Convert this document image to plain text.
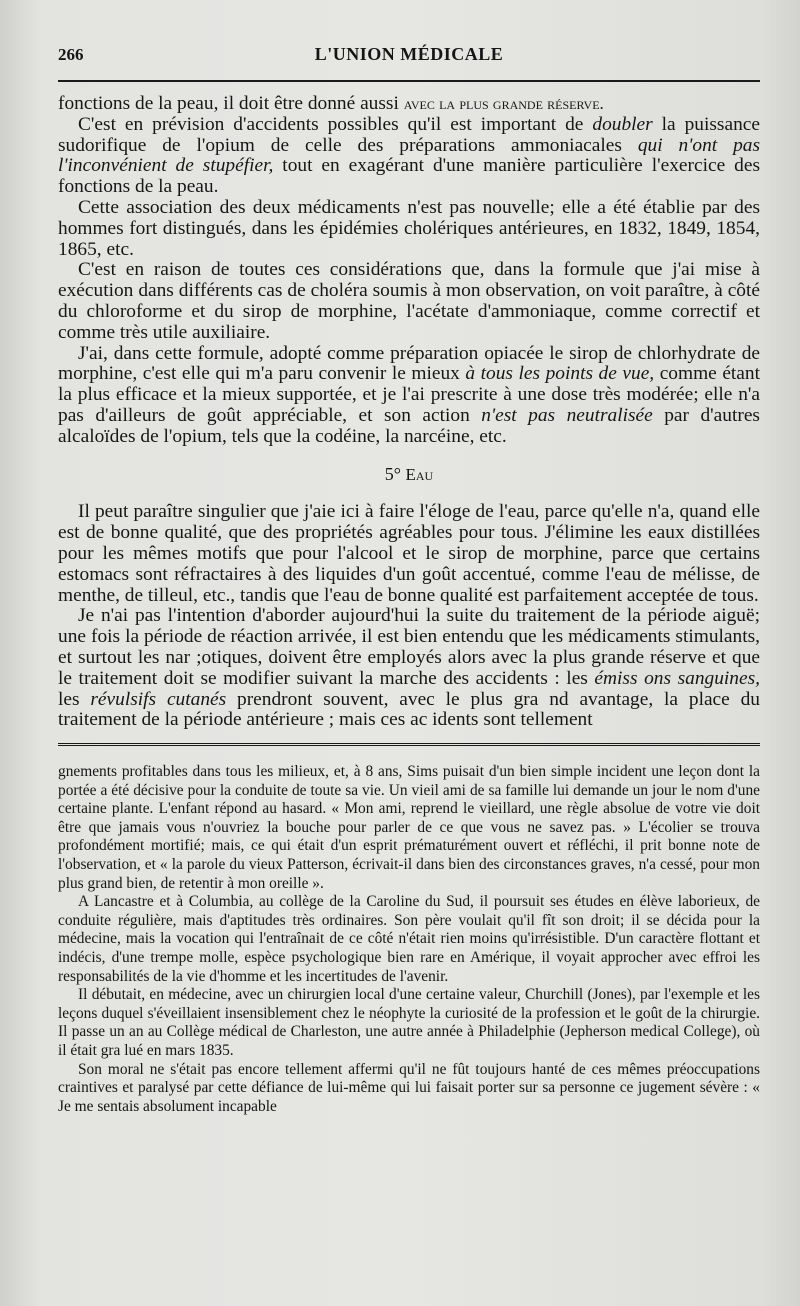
266	L'UNION MÉDICALE

fonctions de la peau, il doit être donné aussi avec la plus grande réserve.

C'est en prévision d'accidents possibles qu'il est important de doubler la puissance sudorifique de l'opium de celle des préparations ammoniacales qui n'ont pas l'inconvénient de stupéfier, tout en exagérant d'une manière particulière l'exercice des fonctions de la peau.

Cette association des deux médicaments n'est pas nouvelle; elle a été établie par des hommes fort distingués, dans les épidémies cholériques antérieures, en 1832, 1849, 1854, 1865, etc.

C'est en raison de toutes ces considérations que, dans la formule que j'ai mise à exécution dans différents cas de choléra soumis à mon observation, on voit paraître, à côté du chloroforme et du sirop de morphine, l'acétate d'ammoniaque, comme correctif et comme très utile auxiliaire.

J'ai, dans cette formule, adopté comme préparation opiacée le sirop de chlorhydrate de morphine, c'est elle qui m'a paru convenir le mieux à tous les points de vue, comme étant la plus efficace et la mieux supportée, et je l'ai prescrite à une dose très modérée; elle n'a pas d'ailleurs de goût appréciable, et son action n'est pas neutralisée par d'autres alcaloïdes de l'opium, tels que la codéine, la narcéine, etc.

5° Eau

Il peut paraître singulier que j'aie ici à faire l'éloge de l'eau, parce qu'elle n'a, quand elle est de bonne qualité, que des propriétés agréables pour tous. J'élimine les eaux distillées pour les mêmes motifs que pour l'alcool et le sirop de morphine, parce que certains estomacs sont réfractaires à des liquides d'un goût accentué, comme l'eau de mélisse, de menthe, de tilleul, etc., tandis que l'eau de bonne qualité est parfaitement acceptée de tous.

Je n'ai pas l'intention d'aborder aujourd'hui la suite du traitement de la période aiguë; une fois la période de réaction arrivée, il est bien entendu que les médicaments stimulants, et surtout les nar ;otiques, doivent être employés alors avec la plus grande réserve et que le traitement doit se modifier suivant la marche des accidents : les émiss ons sanguines, les révulsifs cutanés prendront souvent, avec le plus gra nd avantage, la place du traitement de la période antérieure ; mais ces ac idents sont tellement

gnements profitables dans tous les milieux, et, à 8 ans, Sims puisait d'un bien simple incident une leçon dont la portée a été décisive pour la conduite de toute sa vie. Un vieil ami de sa famille lui demande un jour le nom d'une certaine plante. L'enfant répond au hasard. « Mon ami, reprend le vieillard, une règle absolue de votre vie doit être que jamais vous n'ouvriez la bouche pour parler de ce que vous ne savez pas. » L'écolier se trouva profondément mortifié; mais, ce qui était d'un esprit prématurément ouvert et réfléchi, il prit bonne note de l'observation, et « la parole du vieux Patterson, écrivait-il dans bien des circonstances graves, n'a cessé, pour mon plus grand bien, de retentir à mon oreille ».

A Lancastre et à Columbia, au collège de la Caroline du Sud, il poursuit ses études en élève laborieux, de conduite régulière, mais d'aptitudes très ordinaires. Son père voulait qu'il fît son droit; il se décida pour la médecine, mais la vocation qui l'entraînait de ce côté n'était rien moins qu'irrésistible. D'un caractère flottant et indécis, d'une trempe molle, espèce psychologique bien rare en Amérique, il voyait approcher avec effroi les responsabilités de la vie d'homme et les incertitudes de l'avenir.

Il débutait, en médecine, avec un chirurgien local d'une certaine valeur, Churchill (Jones), par l'exemple et les leçons duquel s'éveillaient insensiblement chez le néophyte la curiosité de la profession et le goût de la chirurgie. Il passe un an au Collège médical de Charleston, une autre année à Philadelphie (Jepherson medical College), où il était gra lué en mars 1835.

Son moral ne s'était pas encore tellement affermi qu'il ne fût toujours hanté de ces mêmes préoccupations craintives et paralysé par cette défiance de lui-même qui lui faisait porter sur sa personne ce jugement sévère : « Je me sentais absolument incapable
